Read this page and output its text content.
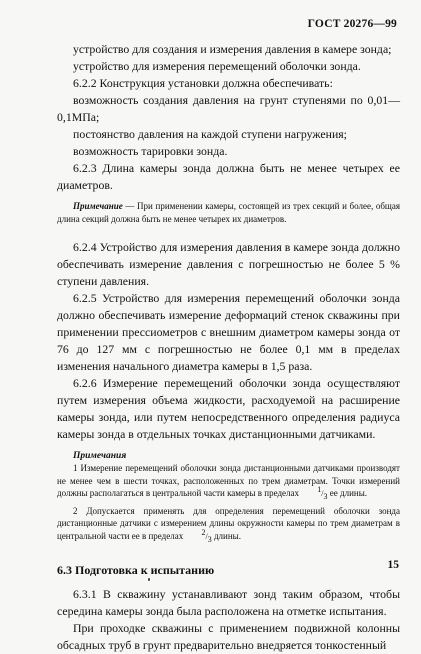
ГОСТ 20276—99

устройство для создания и измерения давления в камере зонда;

устройство для измерения перемещений оболочки зонда.

6.2.2 Конструкция установки должна обеспечивать:

возможность создания давления на грунт ступенями по 0,01—0,1МПа;

постоянство давления на каждой ступени нагружения;

возможность тарировки зонда.

6.2.3 Длина камеры зонда должна быть не менее четырех ее диаметров.

Примечание — При применении камеры, состоящей из трех секций и более, общая длина секций должна быть не менее четырех их диаметров.

6.2.4 Устройство для измерения давления в камере зонда должно обеспечивать измерение давления с погрешностью не более 5 % ступени давления.

6.2.5 Устройство для измерения перемещений оболочки зонда должно обеспечивать измерение деформаций стенок скважины при применении прессиометров с внешним диаметром камеры зонда от 76 до 127 мм с погрешностью не более 0,1 мм в пределах изменения начального диаметра камеры в 1,5 раза.

6.2.6 Измерение перемещений оболочки зонда осуществляют путем измерения объема жидкости, расходуемой на расширение камеры зонда, или путем непосредственного определения радиуса камеры зонда в отдельных точках дистанционными датчиками.

Примечания

1 Измерение перемещений оболочки зонда дистанционными датчиками производят не менее чем в шести точках, расположенных по трем диаметрам. Точки измерений должны располагаться в центральной части камеры в пределах 1/3 ее длины.

2 Допускается применять для определения перемещений оболочки зонда дистанционные датчики с измерением длины окружности камеры по трем диаметрам в центральной части ее в пределах 2/3 длины.

6.3 Подготовка к испытанию

6.3.1 В скважину устанавливают зонд таким образом, чтобы середина камеры зонда была расположена на отметке испытания.

При проходке скважины с применением подвижной колонны обсадных труб в грунт предварительно внедряется тонкостенный

15
